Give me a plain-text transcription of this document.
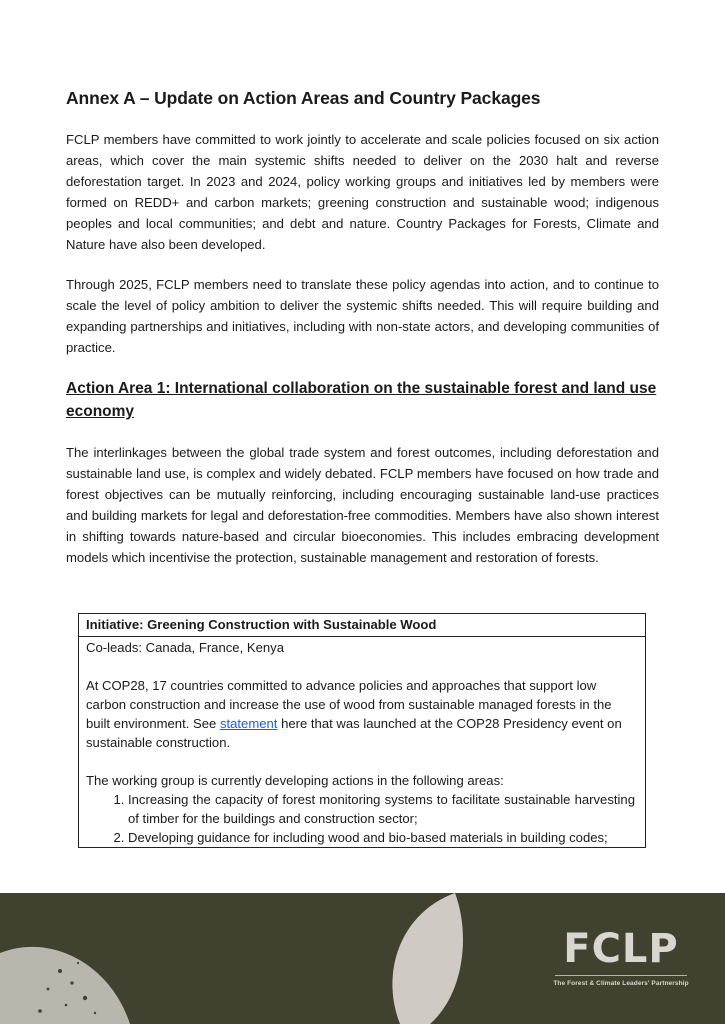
Annex A – Update on Action Areas and Country Packages

FCLP members have committed to work jointly to accelerate and scale policies focused on six action areas, which cover the main systemic shifts needed to deliver on the 2030 halt and reverse deforestation target. In 2023 and 2024, policy working groups and initiatives led by members were formed on REDD+ and carbon markets; greening construction and sustainable wood; indigenous peoples and local communities; and debt and nature. Country Packages for Forests, Climate and Nature have also been developed.

Through 2025, FCLP members need to translate these policy agendas into action, and to continue to scale the level of policy ambition to deliver the systemic shifts needed. This will require building and expanding partnerships and initiatives, including with non-state actors, and developing communities of practice.

Action Area 1: International collaboration on the sustainable forest and land use economy

The interlinkages between the global trade system and forest outcomes, including deforestation and sustainable land use, is complex and widely debated. FCLP members have focused on how trade and forest objectives can be mutually reinforcing, including encouraging sustainable land-use practices and building markets for legal and deforestation-free commodities. Members have also shown interest in shifting towards nature-based and circular bioeconomies. This includes embracing development models which incentivise the protection, sustainable management and restoration of forests.

Initiative: Greening Construction with Sustainable Wood

Co-leads: Canada, France, Kenya

At COP28, 17 countries committed to advance policies and approaches that support low carbon construction and increase the use of wood from sustainable managed forests in the built environment. See statement here that was launched at the COP28 Presidency event on sustainable construction.

The working group is currently developing actions in the following areas:

1. Increasing the capacity of forest monitoring systems to facilitate sustainable harvesting of timber for the buildings and construction sector;
2. Developing guidance for including wood and bio-based materials in building codes;
FCLP
The Forest & Climate Leaders' Partnership
